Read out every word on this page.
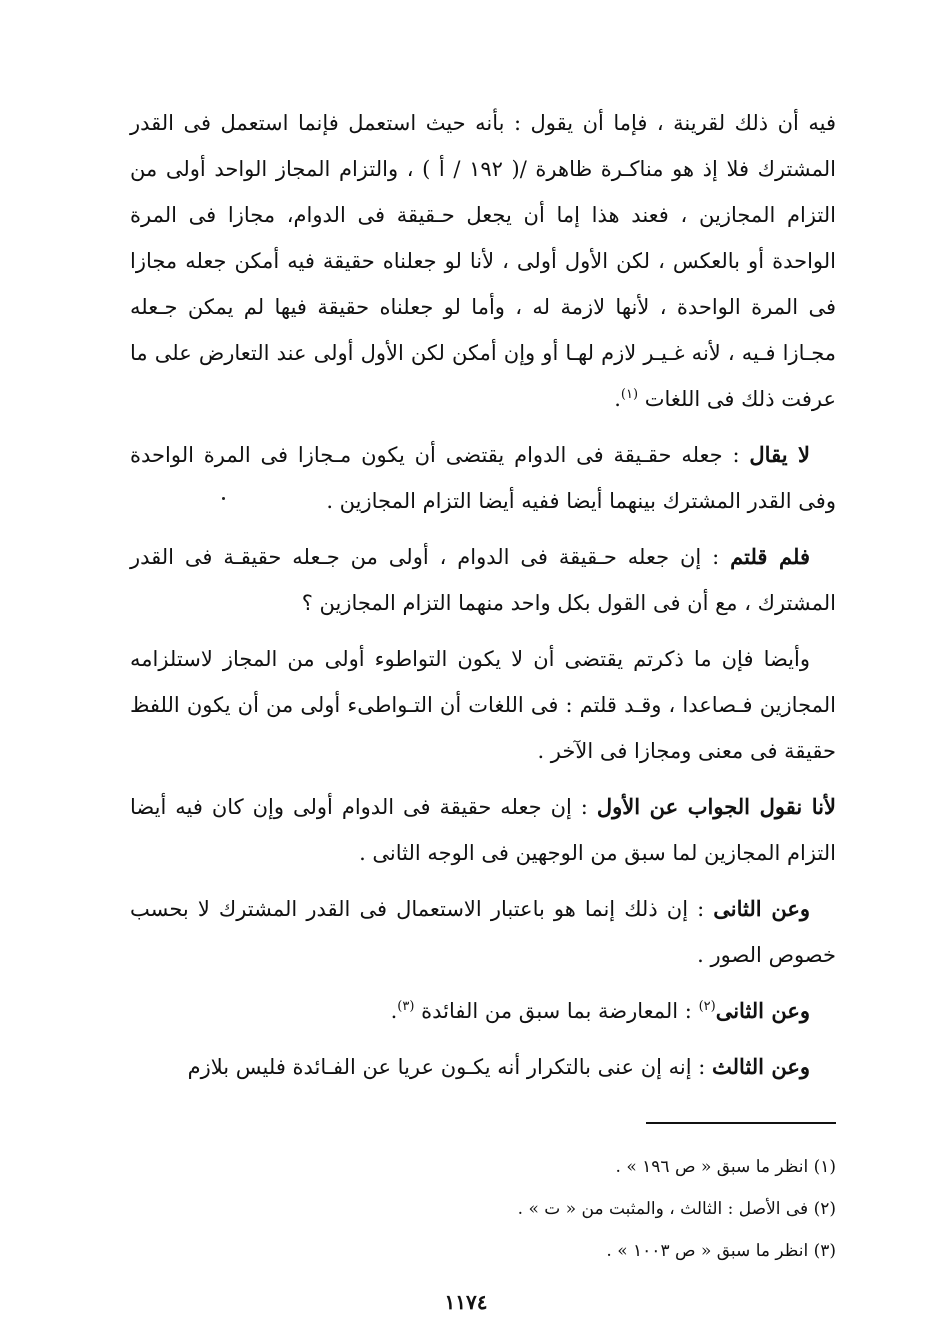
فيه أن ذلك لقرينة ، فإما أن يقول : بأنه حيث استعمل فإنما استعمل فى القدر المشترك فلا إذ هو مناكـرة ظاهرة /( ١٩٢ / أ ) ، والتزام المجاز الواحد أولى من التزام المجازين ، فعند هذا إما أن يجعل حـقيقة فى الدوام، مجازا فى المرة الواحدة أو بالعكس ، لكن الأول أولى ، لأنا لو جعلناه حقيقة فيه أمكن جعله مجازا فى المرة الواحدة ، لأنها لازمة له ، وأما لو جعلناه حقيقة فيها لم يمكن جـعله مجـازا فـيه ، لأنه غـيـر لازم لهـا أو وإن أمكن لكن الأول أولى عند التعارض على ما عرفت ذلك فى اللغات $^{(١)}$.

لا يقال : جعله حقـيقة فى الدوام يقتضى أن يكون مـجازا فى المرة الواحدة وفى القدر المشترك بينهما أيضا ففيه أيضا التزام المجازين .

فلم قلتم : إن جعله حـقيقة فى الدوام ، أولى من جـعله حقيقـة فى القدر المشترك ، مع أن فى القول بكل واحد منهما التزام المجازين ؟

وأيضا فإن ما ذكرتم يقتضى أن لا يكون التواطوء أولى من المجاز لاستلزامه المجازين فـصاعدا ، وقـد قلتم : فى اللغات أن التـواطىء أولى من أن يكون اللفظ حقيقة فى معنى ومجازا فى الآخر .

لأنا نقول الجواب عن الأول : إن جعله حقيقة فى الدوام أولى وإن كان فيه أيضا التزام المجازين لما سبق من الوجهين فى الوجه الثانى .

وعن الثانى : إن ذلك إنما هو باعتبار الاستعمال فى القدر المشترك لا بحسب خصوص الصور .

وعن الثانى$^{(٢)}$ : المعارضة بما سبق من الفائدة $^{(٣)}$.

وعن الثالث : إنه إن عنى بالتكرار أنه يكـون عريا عن الفـائدة فليس بلازم

(١) انظر ما سبق « ص ١٩٦ » .

(٢) فى الأصل : الثالث ، والمثبت من « ت » .

(٣) انظر ما سبق « ص ١٠٠٣ » .

١١٧٤
